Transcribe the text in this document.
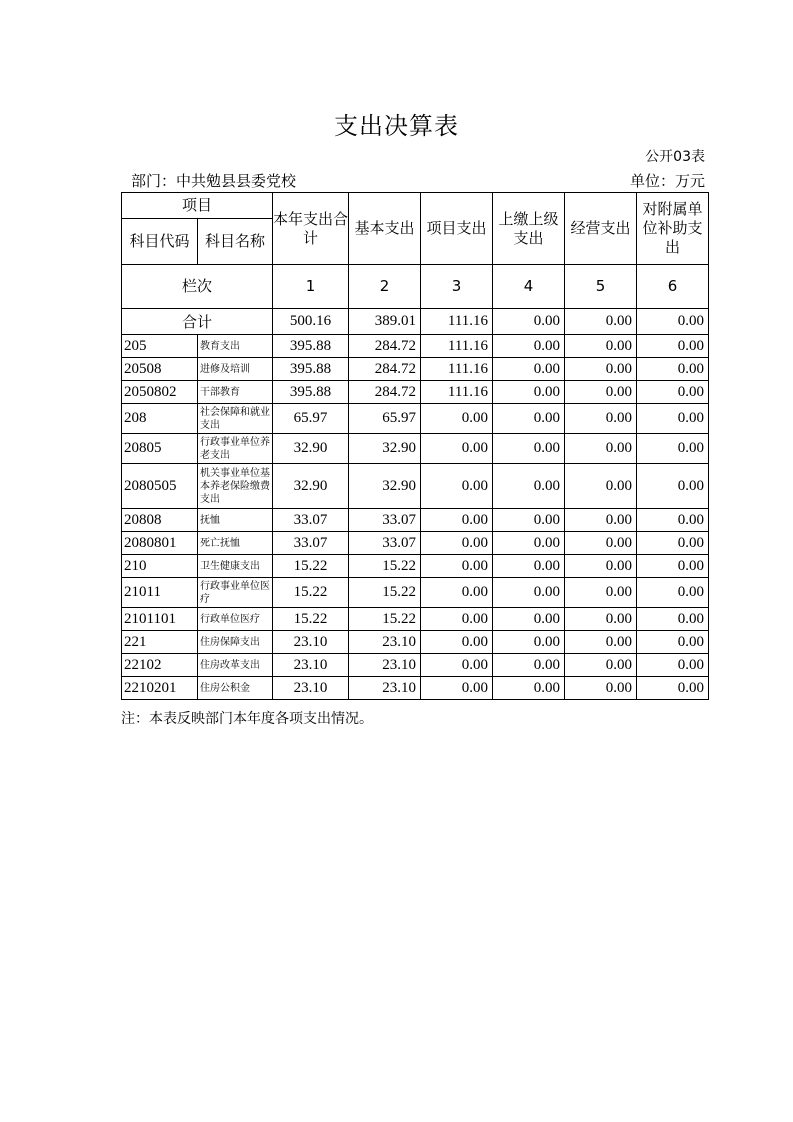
支出决算表
公开03表
部门：中共勉县县委党校	单位：万元
项目		本年支出合计	基本支出	项目支出	上缴上级支出	经营支出	对附属单位补助支出
科目代码	科目名称						
栏次		1	2	3	4	5	6
合计		500.16	389.01	111.16	0.00	0.00	0.00
205	教育支出	395.88	284.72	111.16	0.00	0.00	0.00
20508	进修及培训	395.88	284.72	111.16	0.00	0.00	0.00
2050802	干部教育	395.88	284.72	111.16	0.00	0.00	0.00
208	社会保障和就业支出	65.97	65.97	0.00	0.00	0.00	0.00
20805	行政事业单位养老支出	32.90	32.90	0.00	0.00	0.00	0.00
2080505	机关事业单位基本养老保险缴费支出	32.90	32.90	0.00	0.00	0.00	0.00
20808	抚恤	33.07	33.07	0.00	0.00	0.00	0.00
2080801	死亡抚恤	33.07	33.07	0.00	0.00	0.00	0.00
210	卫生健康支出	15.22	15.22	0.00	0.00	0.00	0.00
21011	行政事业单位医疗	15.22	15.22	0.00	0.00	0.00	0.00
2101101	行政单位医疗	15.22	15.22	0.00	0.00	0.00	0.00
221	住房保障支出	23.10	23.10	0.00	0.00	0.00	0.00
22102	住房改革支出	23.10	23.10	0.00	0.00	0.00	0.00
2210201	住房公积金	23.10	23.10	0.00	0.00	0.00	0.00
注：本表反映部门本年度各项支出情况。
